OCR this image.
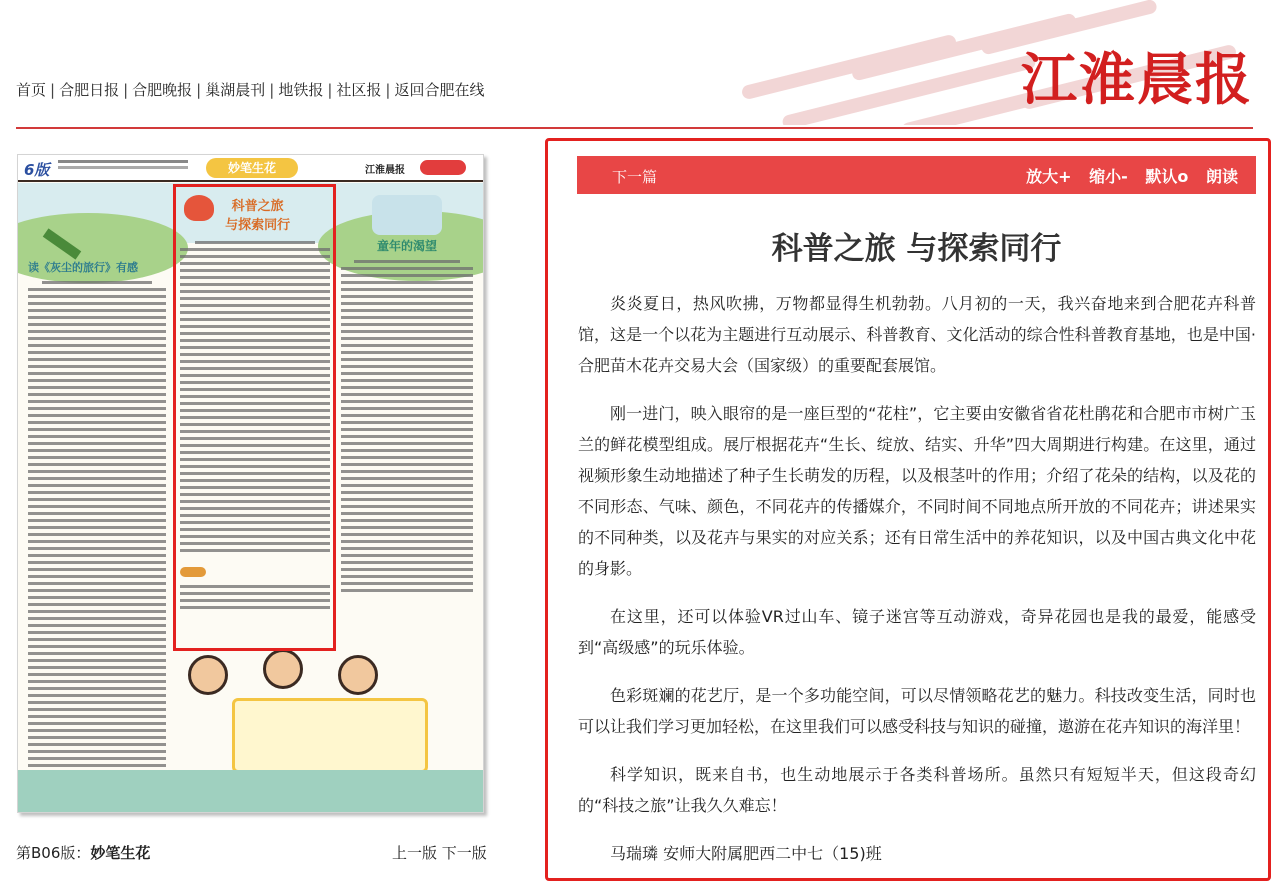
首页 | 合肥日报 | 合肥晚报 | 巢湖晨刊 | 地铁报 | 社区报 | 返回合肥在线	江淮晨报
6版	妙笔生花	江淮晨报
读《灰尘的旅行》有感

科普之旅
与探索同行
童年的渴望
第B06版：妙笔生花	上一版 下一版
下一篇	放大+ 缩小- 默认o 朗读
科普之旅 与探索同行

炎炎夏日，热风吹拂，万物都显得生机勃勃。八月初的一天，我兴奋地来到合肥花卉科普馆，这是一个以花为主题进行互动展示、科普教育、文化活动的综合性科普教育基地，也是中国·合肥苗木花卉交易大会（国家级）的重要配套展馆。

刚一进门，映入眼帘的是一座巨型的“花柱”，它主要由安徽省省花杜鹃花和合肥市市树广玉兰的鲜花模型组成。展厅根据花卉“生长、绽放、结实、升华”四大周期进行构建。在这里，通过视频形象生动地描述了种子生长萌发的历程，以及根茎叶的作用；介绍了花朵的结构，以及花的不同形态、气味、颜色，不同花卉的传播媒介，不同时间不同地点所开放的不同花卉；讲述果实的不同种类，以及花卉与果实的对应关系；还有日常生活中的养花知识，以及中国古典文化中花的身影。

在这里，还可以体验VR过山车、镜子迷宫等互动游戏，奇异花园也是我的最爱，能感受到“高级感”的玩乐体验。

色彩斑斓的花艺厅，是一个多功能空间，可以尽情领略花艺的魅力。科技改变生活，同时也可以让我们学习更加轻松，在这里我们可以感受科技与知识的碰撞，遨游在花卉知识的海洋里！

科学知识，既来自书，也生动地展示于各类科普场所。虽然只有短短半天，但这段奇幻的“科技之旅”让我久久难忘！

马瑞璘 安师大附属肥西二中七（15)班
